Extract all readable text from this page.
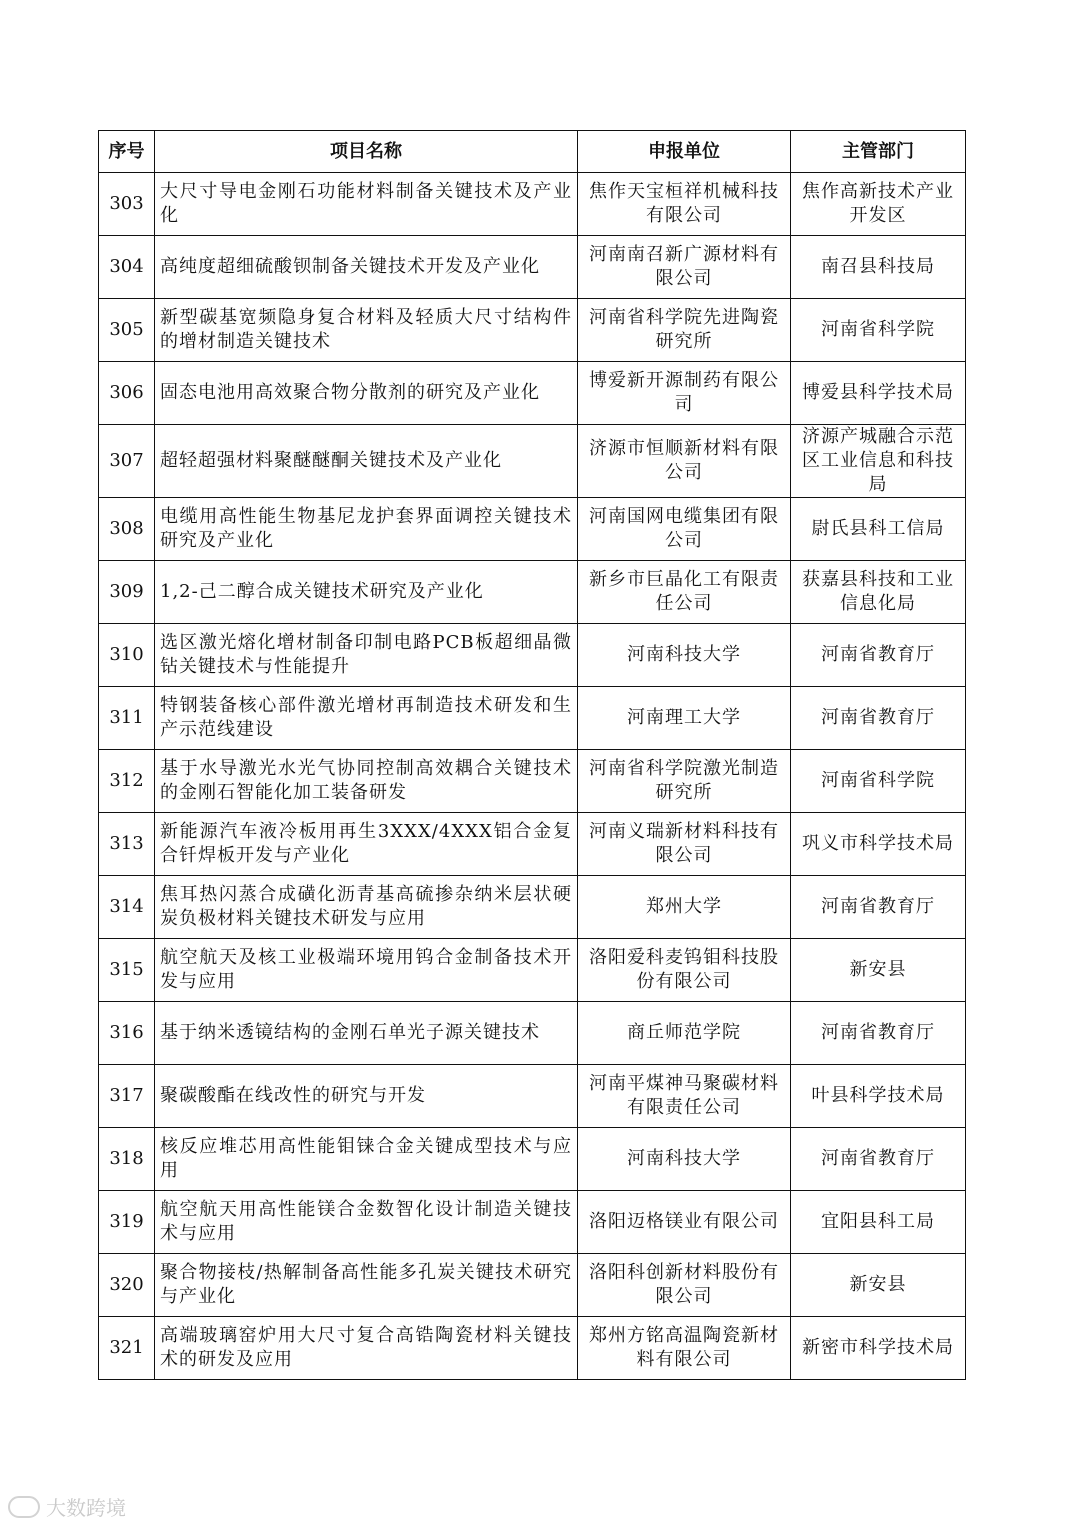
序号	项目名称	申报单位	主管部门
303	大尺寸导电金刚石功能材料制备关键技术及产业化	焦作天宝桓祥机械科技有限公司	焦作高新技术产业开发区
304	高纯度超细硫酸钡制备关键技术开发及产业化	河南南召新广源材料有限公司	南召县科技局
305	新型碳基宽频隐身复合材料及轻质大尺寸结构件的增材制造关键技术	河南省科学院先进陶瓷研究所	河南省科学院
306	固态电池用高效聚合物分散剂的研究及产业化	博爱新开源制药有限公司	博爱县科学技术局
307	超轻超强材料聚醚醚酮关键技术及产业化	济源市恒顺新材料有限公司	济源产城融合示范区工业信息和科技局
308	电缆用高性能生物基尼龙护套界面调控关键技术研究及产业化	河南国网电缆集团有限公司	尉氏县科工信局
309	1,2-己二醇合成关键技术研究及产业化	新乡市巨晶化工有限责任公司	获嘉县科技和工业信息化局
310	选区激光熔化增材制备印制电路PCB板超细晶微钻关键技术与性能提升	河南科技大学	河南省教育厅
311	特钢装备核心部件激光增材再制造技术研发和生产示范线建设	河南理工大学	河南省教育厅
312	基于水导激光水光气协同控制高效耦合关键技术的金刚石智能化加工装备研发	河南省科学院激光制造研究所	河南省科学院
313	新能源汽车液冷板用再生3XXX/4XXX铝合金复合钎焊板开发与产业化	河南义瑞新材料科技有限公司	巩义市科学技术局
314	焦耳热闪蒸合成磺化沥青基高硫掺杂纳米层状硬炭负极材料关键技术研发与应用	郑州大学	河南省教育厅
315	航空航天及核工业极端环境用钨合金制备技术开发与应用	洛阳爱科麦钨钼科技股份有限公司	新安县
316	基于纳米透镜结构的金刚石单光子源关键技术	商丘师范学院	河南省教育厅
317	聚碳酸酯在线改性的研究与开发	河南平煤神马聚碳材料有限责任公司	叶县科学技术局
318	核反应堆芯用高性能钼铼合金关键成型技术与应用	河南科技大学	河南省教育厅
319	航空航天用高性能镁合金数智化设计制造关键技术与应用	洛阳迈格镁业有限公司	宜阳县科工局
320	聚合物接枝/热解制备高性能多孔炭关键技术研究与产业化	洛阳科创新材料股份有限公司	新安县
321	高端玻璃窑炉用大尺寸复合高锆陶瓷材料关键技术的研发及应用	郑州方铭高温陶瓷新材料有限公司	新密市科学技术局
大数跨境
